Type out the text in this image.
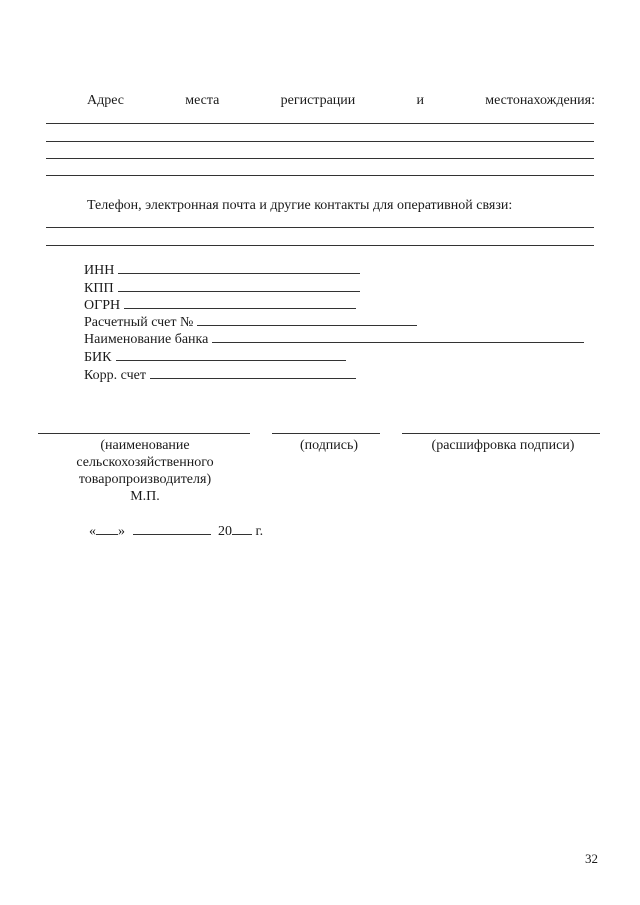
Адрес	места	регистрации	и	местонахождения:
Телефон, электронная почта и другие контакты для оперативной связи:
ИНН
КПП
ОГРН
Расчетный счет №
Наименование банка
БИК
Корр. счет
(наименование
сельскохозяйственного
товаропроизводителя)
М.П.
(подпись)	(расшифровка подписи)
« »	20 г.
32
